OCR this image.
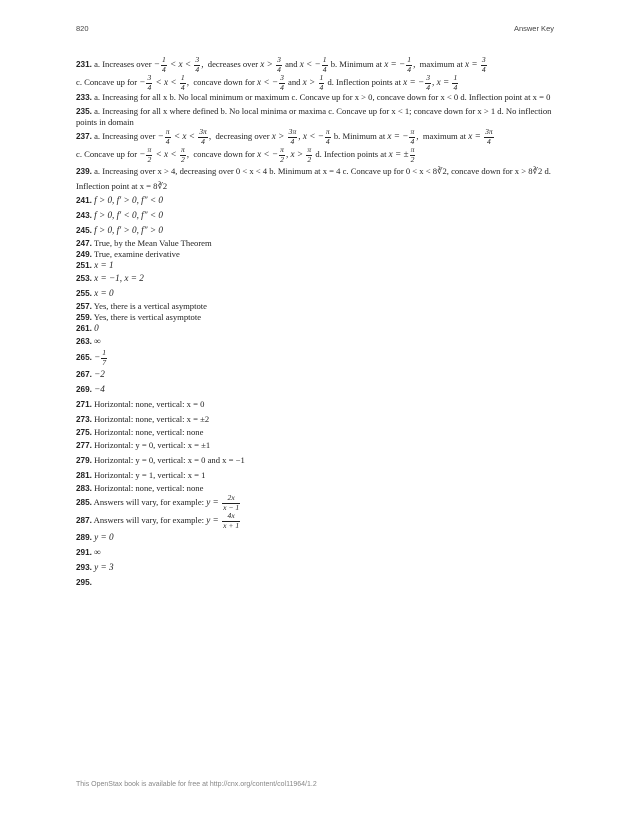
820	Answer Key

231. a. Increases over − $\frac{1}{4} < x < \frac{3}{4}$ ,  decreases over $x > \frac{3}{4}$ and x < − $\frac{1}{4} b$. Minimum at x = − $\frac{1}{4}$ ,  maximum at $x = \frac{3}{4}$

c. Concave up for − $\frac{3}{4} < x < \frac{1}{4}$ ,  concave down for x < − $\frac{3}{4}$ and $x > \frac{1}{4} d$. Inflection points at x = − $\frac{3}{4}$ , $x = \frac{1}{4}$

233. a. Increasing for all x b. No local minimum or maximum c. Concave up for x > 0, concave down for x < 0 d. Inflection point at x = 0

235. a. Increasing for all x where defined b. No local minima or maxima c. Concave up for x < 1; concave down for x > 1 d. No inflection points in domain

237. a. Increasing over − $\frac{\pi}{4} < x < \frac{3\pi}{4}$ ,  decreasing over $x > \frac{3\pi}{4}$ , x < − $\frac{\pi}{4} b$. Minimum at x = − $\frac{\pi}{4}$ ,  maximum at $x = \frac{3\pi}{4}$

c. Concave up for − $\frac{\pi}{2} < x < \frac{\pi}{2}$ ,  concave down for x < − $\frac{\pi}{2}$ , $x > \frac{\pi}{2} d$. Infection points at x = ± $\frac{\pi}{2}$

239. a. Increasing over x > 4, decreasing over 0 < x < 4 b. Minimum at x = 4 c. Concave up for 0 < x < 8∛2, concave down for x > 8∛2 d. Inflection point at x = 8∛2

241. f > 0, f′ > 0, f″ < 0

243. f > 0, f′ < 0, f″ < 0

245. f > 0, f′ > 0, f″ > 0

247. True, by the Mean Value Theorem

249. True, examine derivative

251. x = 1

253. x = −1, x = 2

255. x = 0

257. Yes, there is a vertical asymptote

259. Yes, there is vertical asymptote

261. 0

263. ∞

265. − $\frac{1}{7}$

267. −2

269. −4

271. Horizontal: none, vertical: x = 0

273. Horizontal: none, vertical: x = ±2

275. Horizontal: none, vertical: none

277. Horizontal: y = 0, vertical: x = ±1

279. Horizontal: y = 0, vertical: x = 0 and x = −1

281. Horizontal: y = 1, vertical: x = 1

283. Horizontal: none, vertical: none

285. Answers will vary, for example: $y = \frac{2x}{x - 1}$

287. Answers will vary, for example: $y = \frac{4x}{x + 1}$

289. y = 0

291. ∞

293. y = 3

295.

This OpenStax book is available for free at http://cnx.org/content/col11964/1.2
